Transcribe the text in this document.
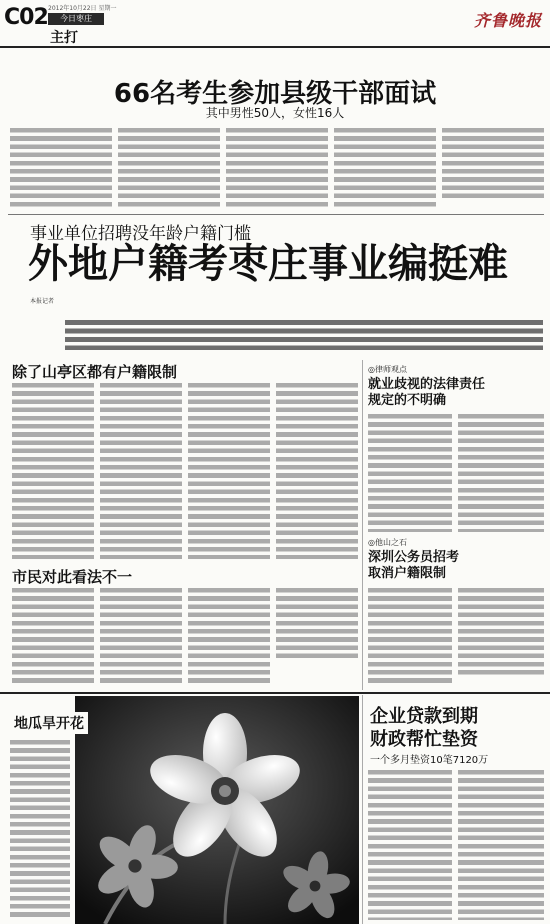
C02 2012年10月22日 星期一
今日枣庄
主打
齐鲁晚报
66名考生参加县级干部面试
其中男性50人，女性16人
事业单位招聘没年龄户籍门槛
外地户籍考枣庄事业编挺难
本报记者
除了山亭区都有户籍限制
市民对此看法不一
◎律师观点
就业歧视的法律责任规定的不明确
◎他山之石
深圳公务员招考取消户籍限制
地瓜旱开花	企业贷款到期
财政帮忙垫资
一个多月垫资10笔7120万
